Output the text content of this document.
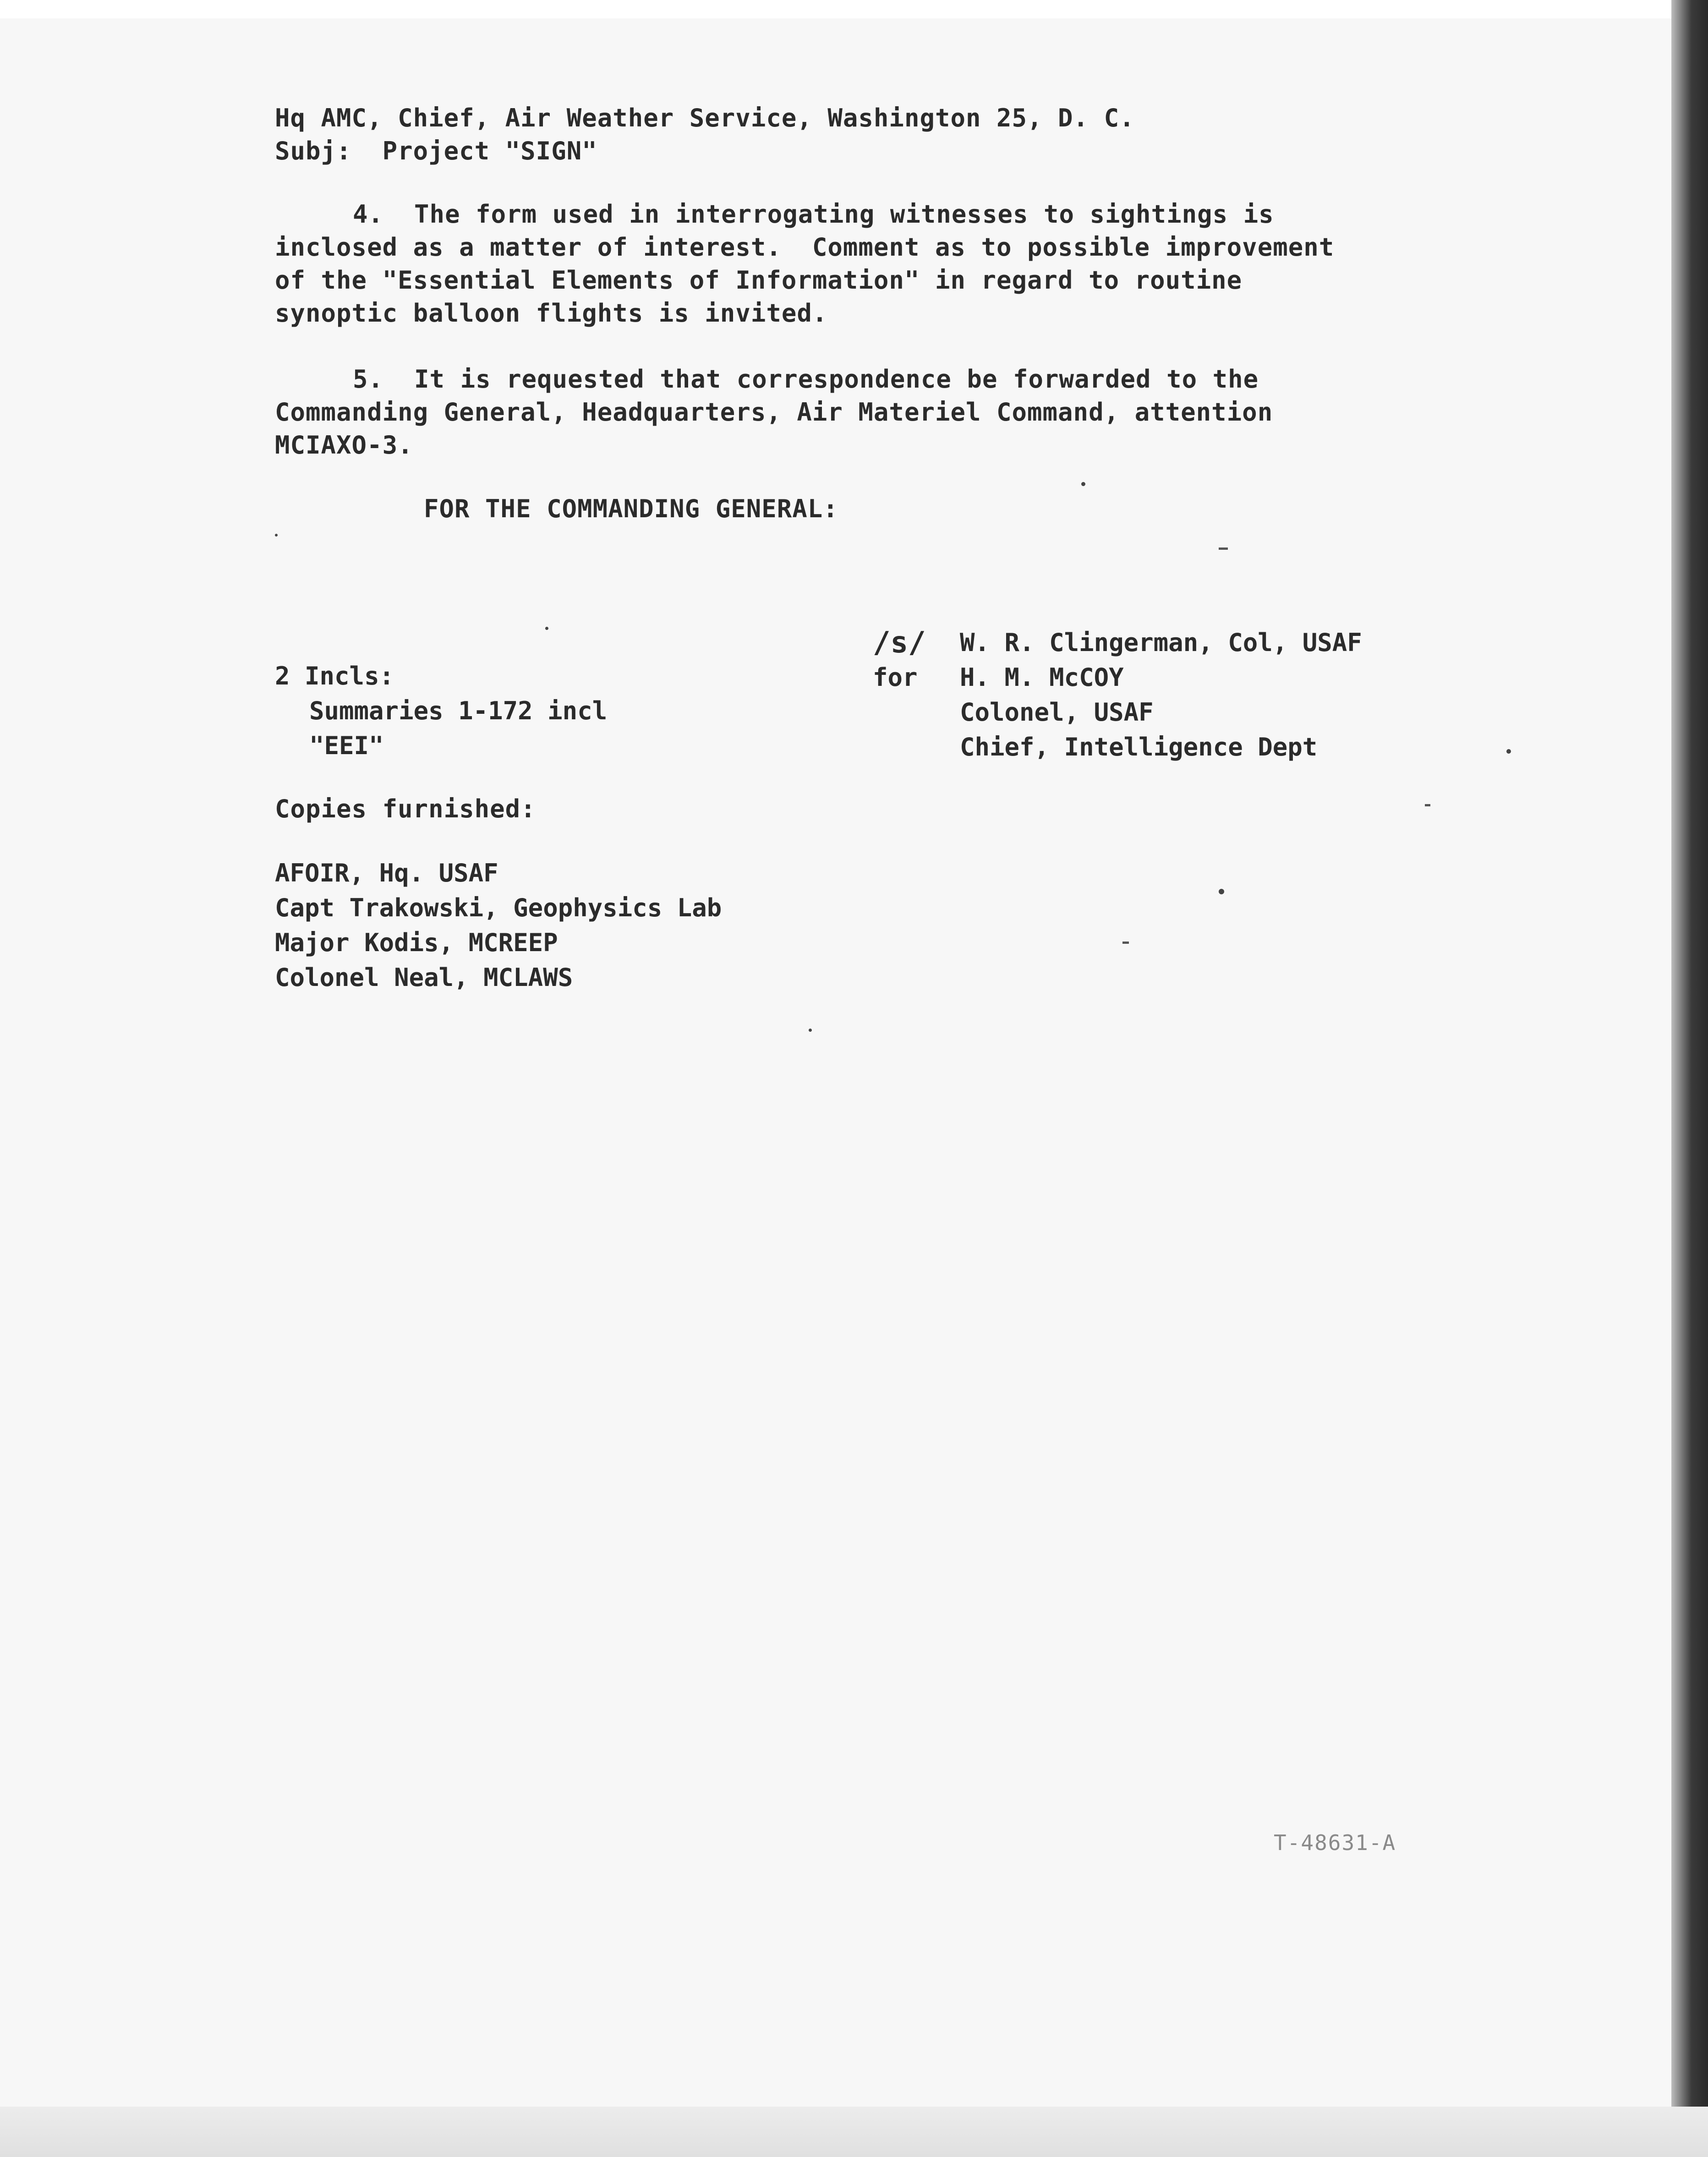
Hq AMC, Chief, Air Weather Service, Washington 25, D. C.
Subj:  Project "SIGN"
4.  The form used in interrogating witnesses to sightings is
inclosed as a matter of interest.  Comment as to possible improvement
of the "Essential Elements of Information" in regard to routine
synoptic balloon flights is invited.
5.  It is requested that correspondence be forwarded to the
Commanding General, Headquarters, Air Materiel Command, attention
MCIAXO-3.
FOR THE COMMANDING GENERAL:
/s/
for
W. R. Clingerman, Col, USAF
H. M. McCOY
Colonel, USAF
Chief, Intelligence Dept
2 Incls:
Summaries 1-172 incl
"EEI"
Copies furnished:
AFOIR, Hq. USAF
Capt Trakowski, Geophysics Lab
Major Kodis, MCREEP
Colonel Neal, MCLAWS
T-48631-A
